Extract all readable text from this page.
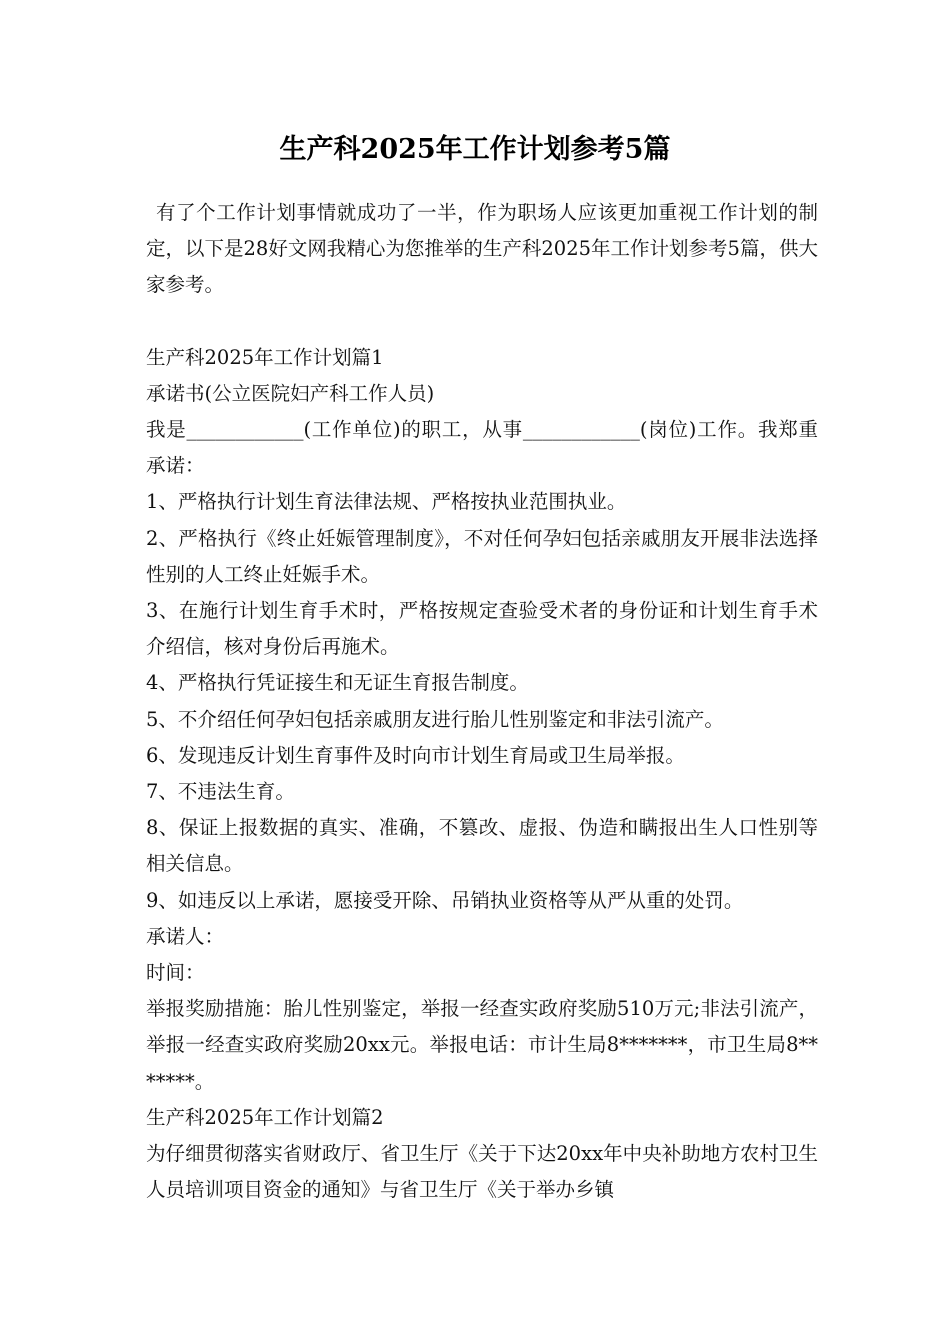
生产科2025年工作计划参考5篇

有了个工作计划事情就成功了一半，作为职场人应该更加重视工作计划的制定，以下是28好文网我精心为您推举的生产科2025年工作计划参考5篇，供大家参考。

生产科2025年工作计划篇1

承诺书(公立医院妇产科工作人员)

我是____________(工作单位)的职工，从事____________(岗位)工作。我郑重承诺：

1、严格执行计划生育法律法规、严格按执业范围执业。

2、严格执行《终止妊娠管理制度》，不对任何孕妇包括亲戚朋友开展非法选择性别的人工终止妊娠手术。

3、在施行计划生育手术时，严格按规定查验受术者的身份证和计划生育手术介绍信，核对身份后再施术。

4、严格执行凭证接生和无证生育报告制度。

5、不介绍任何孕妇包括亲戚朋友进行胎儿性别鉴定和非法引流产。

6、发现违反计划生育事件及时向市计划生育局或卫生局举报。

7、不违法生育。

8、保证上报数据的真实、准确，不篡改、虚报、伪造和瞒报出生人口性别等相关信息。

9、如违反以上承诺，愿接受开除、吊销执业资格等从严从重的处罚。

承诺人：

时间：

举报奖励措施：胎儿性别鉴定，举报一经查实政府奖励510万元;非法引流产，举报一经查实政府奖励20xx元。举报电话：市计生局8*******，市卫生局8*******。

生产科2025年工作计划篇2

为仔细贯彻落实省财政厅、省卫生厅《关于下达20xx年中央补助地方农村卫生人员培训项目资金的通知》与省卫生厅《关于举办乡镇
